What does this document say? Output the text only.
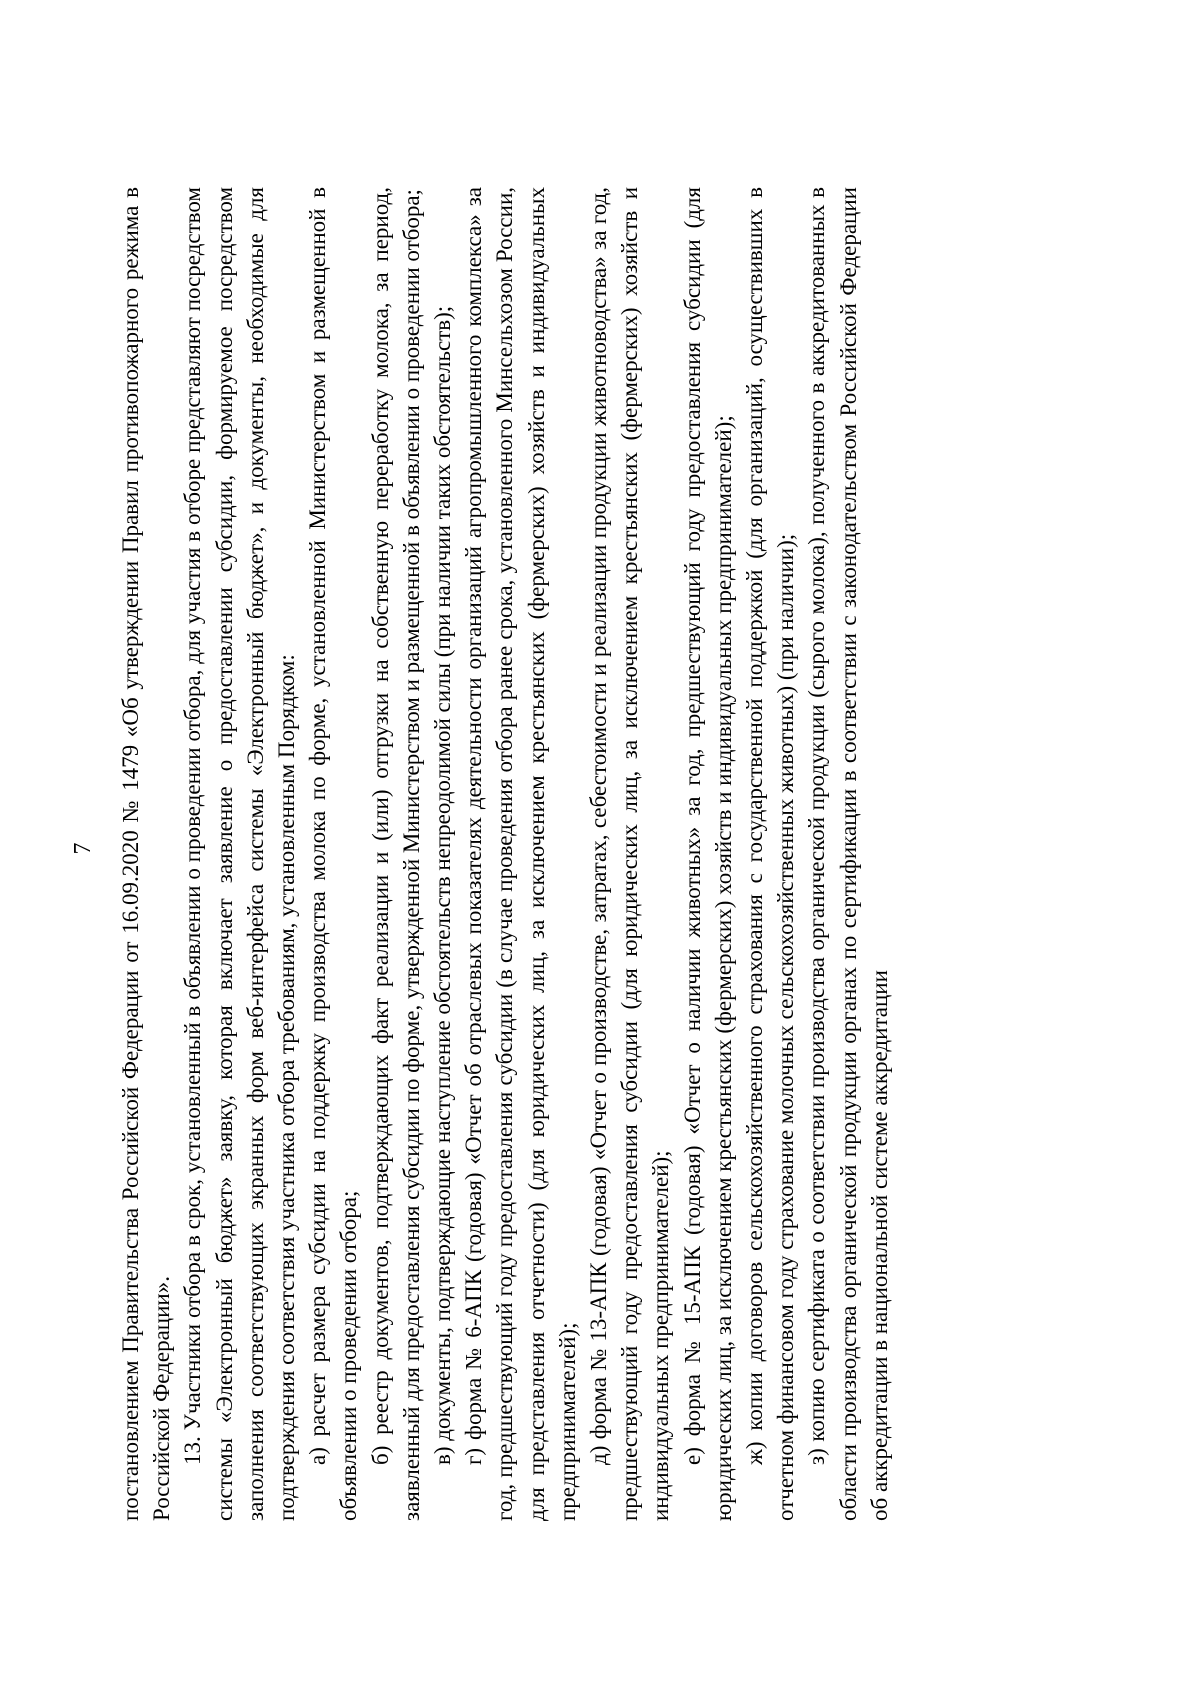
7 постановлением Правительства Российской Федерации от 16.09.2020 № 1479 «Об утверждении Правил противопожарного режима в Российской Федерации». 13. Участники отбора в срок, установленный в объявлении о проведении отбора, для участия в отборе представляют посредством системы «Электронный бюджет» заявку, которая включает заявление о предоставлении субсидии, формируемое посредством заполнения соответствующих экранных форм веб-интерфейса системы «Электронный бюджет», и документы, необходимые для подтверждения соответствия участника отбора требованиям, установленным Порядком: а) расчет размера субсидии на поддержку производства молока по форме, установленной Министерством и размещенной в объявлении о проведении отбора; б) реестр документов, подтверждающих факт реализации и (или) отгрузки на собственную переработку молока, за период, заявленный для предоставления субсидии по форме, утвержденной Министерством и размещенной в объявлении о проведении отбора; в) документы, подтверждающие наступление обстоятельств непреодолимой силы (при наличии таких обстоятельств); г) форма № 6-АПК (годовая) «Отчет об отраслевых показателях деятельности организаций агропромышленного комплекса» за год, предшествующий году предоставления субсидии (в случае проведения отбора ранее срока, установленного Минсельхозом России, для представления отчетности) (для юридических лиц, за исключением крестьянских (фермерских) хозяйств и индивидуальных предпринимателей); д) форма № 13-АПК (годовая) «Отчет о производстве, затратах, себестоимости и реализации продукции животноводства» за год, предшествующий году предоставления субсидии (для юридических лиц, за исключением крестьянских (фермерских) хозяйств и индивидуальных предпринимателей); е) форма № 15-АПК (годовая) «Отчет о наличии животных» за год, предшествующий году предоставления субсидии (для юридических лиц, за исключением крестьянских (фермерских) хозяйств и индивидуальных предпринимателей); ж) копии договоров сельскохозяйственного страхования с государственной поддержкой (для организаций, осуществивших в отчетном финансовом году страхование молочных сельскохозяйственных животных) (при наличии); з) копию сертификата о соответствии производства органической продукции (сырого молока), полученного в аккредитованных в области производства органической продукции органах по сертификации в соответствии с законодательством Российской Федерации об аккредитации в национальной системе аккредитации
